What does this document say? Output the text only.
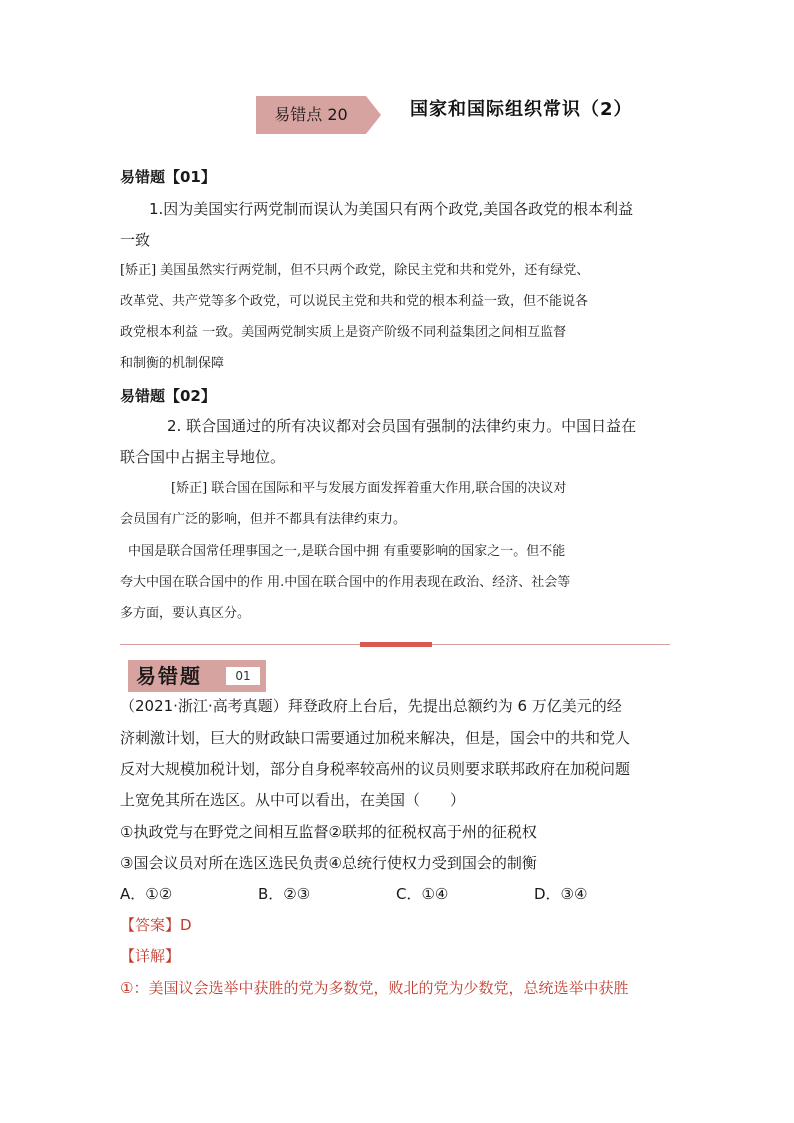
易错点 20	国家和国际组织常识（2）
易错题【01】
1.因为美国实行两党制而误认为美国只有两个政党,美国各政党的根本利益
一致
[矫正] 美国虽然实行两党制，但不只两个政党，除民主党和共和党外，还有绿党、
改革党、共产党等多个政党，可以说民主党和共和党的根本利益一致，但不能说各
政党根本利益 一致。美国两党制实质上是资产阶级不同利益集团之间相互监督
和制衡的机制保障
易错题【02】
2. 联合国通过的所有决议都对会员国有强制的法律约束力。中国日益在
联合国中占据主导地位。
[矫正] 联合国在国际和平与发展方面发挥着重大作用,联合国的决议对
会员国有广泛的影响，但并不都具有法律约束力。
中国是联合国常任理事国之一,是联合国中拥 有重要影响的国家之一。但不能
夸大中国在联合国中的作 用.中国在联合国中的作用表现在政治、经济、社会等
多方面，要认真区分。
易错题	01
（2021·浙江·高考真题）拜登政府上台后，先提出总额约为 6 万亿美元的经
济刺激计划，巨大的财政缺口需要通过加税来解决，但是，国会中的共和党人
反对大规模加税计划，部分自身税率较高州的议员则要求联邦政府在加税问题
上宽免其所在选区。从中可以看出，在美国（　　）
①执政党与在野党之间相互监督②联邦的征税权高于州的征税权
③国会议员对所在选区选民负责④总统行使权力受到国会的制衡
A．①②	B．②③	C．①④	D．③④
【答案】D
【详解】
①：美国议会选举中获胜的党为多数党，败北的党为少数党，总统选举中获胜
